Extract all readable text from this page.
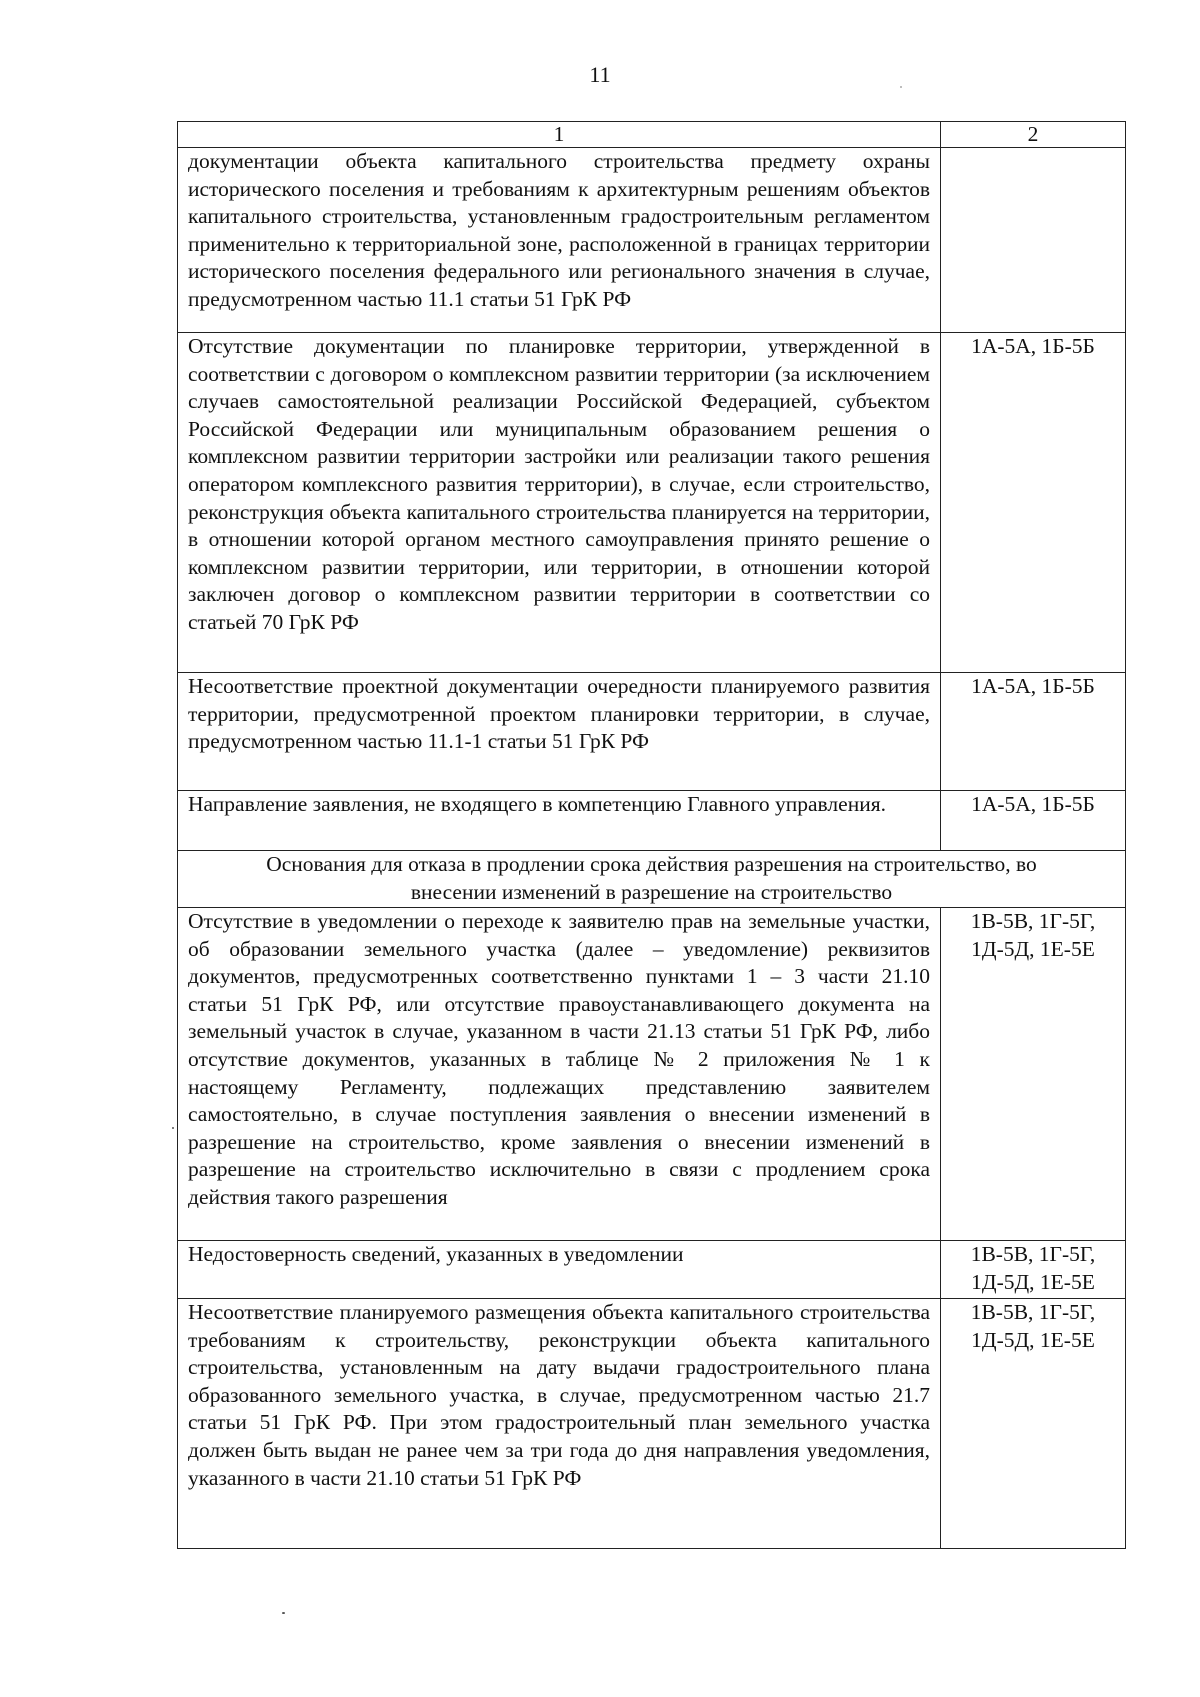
11
1	2
документации объекта капитального строительства предмету охраны исторического поселения и требованиям к архитектурным решениям объектов капитального строительства, установленным градостроительным регламентом применительно к территориальной зоне, расположенной в границах территории исторического поселения федерального или регионального значения в случае, предусмотренном частью 11.1 статьи 51 ГрК РФ	
Отсутствие документации по планировке территории, утвержденной в соответствии с договором о комплексном развитии территории (за исключением случаев самостоятельной реализации Российской Федерацией, субъектом Российской Федерации или муниципальным образованием решения о комплексном развитии территории застройки или реализации такого решения оператором комплексного развития территории), в случае, если строительство, реконструкция объекта капитального строительства планируется на территории, в отношении которой органом местного самоуправления принято решение о комплексном развитии территории, или территории, в отношении которой заключен договор о комплексном развитии территории в соответствии со статьей 70 ГрК РФ	1А-5А, 1Б-5Б
Несоответствие проектной документации очередности планируемого развития территории, предусмотренной проектом планировки территории, в случае, предусмотренном частью 11.1-1 статьи 51 ГрК РФ	1А-5А, 1Б-5Б
Направление заявления, не входящего в компетенцию Главного управления.	1А-5А, 1Б-5Б
Основания для отказа в продлении срока действия разрешения на строительство, во внесении изменений в разрешение на строительство	
Отсутствие в уведомлении о переходе к заявителю прав на земельные участки, об образовании земельного участка (далее – уведомление) реквизитов документов, предусмотренных соответственно пунктами 1 – 3 части 21.10 статьи 51 ГрК РФ, или отсутствие правоустанавливающего документа на земельный участок в случае, указанном в части 21.13 статьи 51 ГрК РФ, либо отсутствие документов, указанных в таблице № 2 приложения № 1 к настоящему Регламенту, подлежащих представлению заявителем самостоятельно, в случае поступления заявления о внесении изменений в разрешение на строительство, кроме заявления о внесении изменений в разрешение на строительство исключительно в связи с продлением срока действия такого разрешения	1В-5В, 1Г-5Г, 1Д-5Д, 1Е-5Е
Недостоверность сведений, указанных в уведомлении	1В-5В, 1Г-5Г, 1Д-5Д, 1Е-5Е
Несоответствие планируемого размещения объекта капитального строительства требованиям к строительству, реконструкции объекта капитального строительства, установленным на дату выдачи градостроительного плана образованного земельного участка, в случае, предусмотренном частью 21.7 статьи 51 ГрК РФ. При этом градостроительный план земельного участка должен быть выдан не ранее чем за три года до дня направления уведомления, указанного в части 21.10 статьи 51 ГрК РФ	1В-5В, 1Г-5Г, 1Д-5Д, 1Е-5Е
